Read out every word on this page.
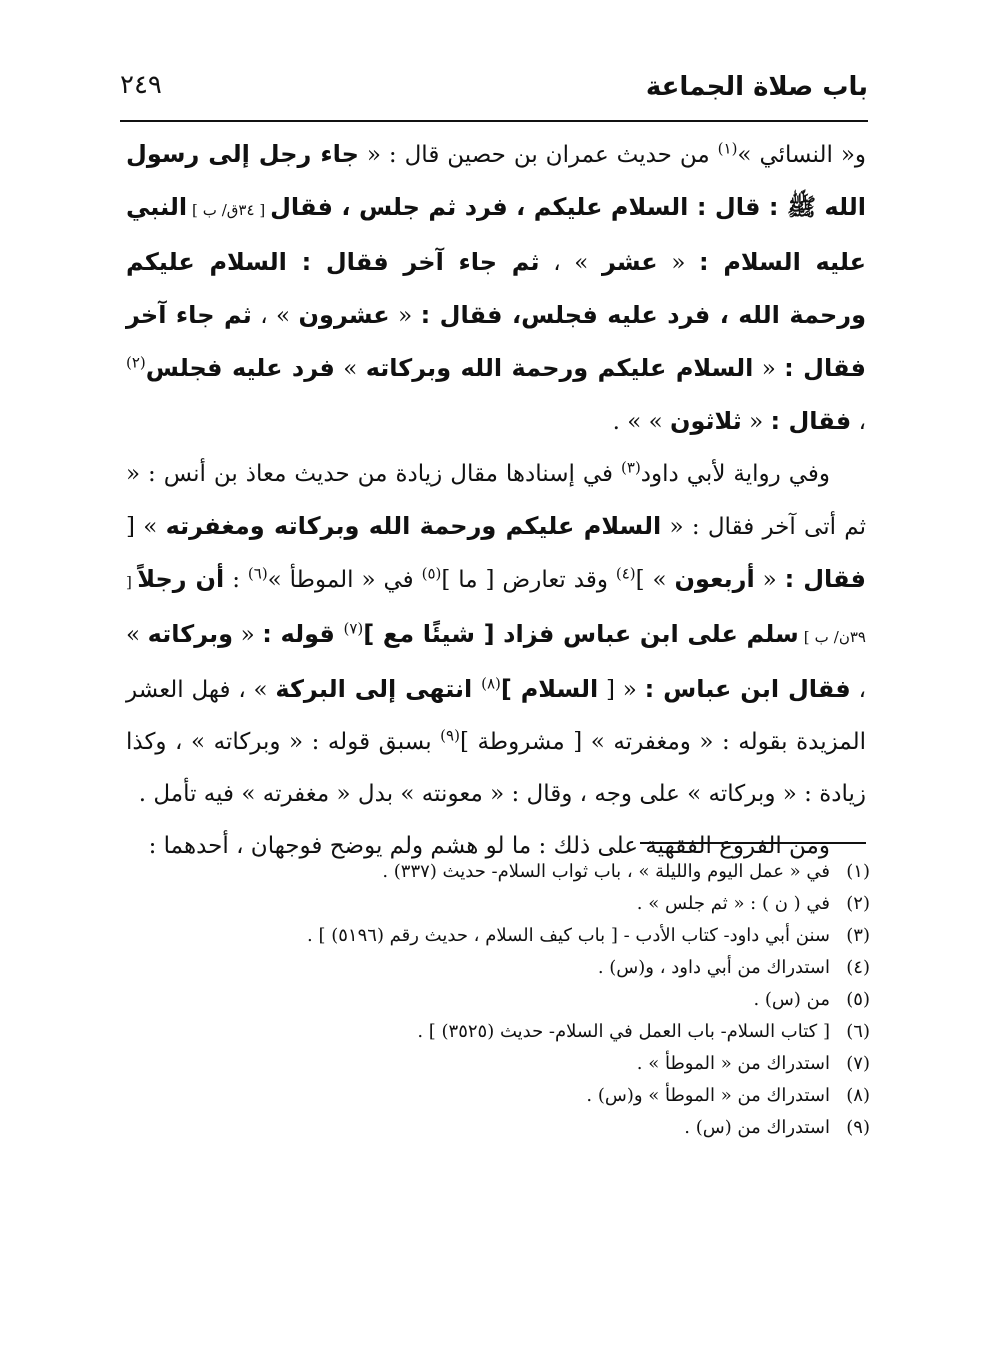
باب صلاة الجماعة
٢٤٩

و« النسائي »$^{(١)}$ من حديث عمران بن حصين قال : « جاء رجل إلى رسول الله ﷺ : قال : السلام عليكم ، فرد ثم جلس ، فقال [ ٣٤ق/ ب ] النبي عليه السلام : « عشر » ، ثم جاء آخر فقال : السلام عليكم ورحمة الله ، فرد عليه فجلس، فقال : « عشرون » ، ثم جاء آخر فقال : « السلام عليكم ورحمة الله وبركاته » فرد عليه فجلس$^{(٢)}$ ، فقال : « ثلاثون » » .

وفي رواية لأبي داود$^{(٣)}$ في إسنادها مقال زيادة من حديث معاذ بن أنس : « ثم أتى آخر فقال : « السلام عليكم ورحمة الله وبركاته ومغفرته » [ فقال : « أربعون » ]$^{(٤)}$ وقد تعارض [ ما ]$^{(٥)}$ في « الموطأ »$^{(٦)}$ : أن رجلاً [ ٣٩ن/ ب ] سلم على ابن عباس فزاد [ شيئًا مع ]$^{(٧)}$ قوله : « وبركاته » ، فقال ابن عباس : « [ السلام ]$^{(٨)}$ انتهى إلى البركة » ، فهل العشر المزيدة بقوله : « ومغفرته » [ مشروطة ]$^{(٩)}$ بسبق قوله : « وبركاته » ، وكذا زيادة : « وبركاته » على وجه ، وقال : « معونته » بدل « مغفرته » فيه تأمل .

ومن الفروع الفقهية على ذلك : ما لو هشم ولم يوضح فوجهان ، أحدهما :

(١)في « عمل اليوم والليلة » ، باب ثواب السلام- حديث (٣٣٧) .

(٢)في ( ن ) : « ثم جلس » .

(٣)سنن أبي داود- كتاب الأدب - [ باب كيف السلام ، حديث رقم (٥١٩٦) ] .

(٤)استدراك من أبي داود ، و(س) .

(٥)من (س) .

(٦)[ كتاب السلام- باب العمل في السلام- حديث (٣٥٢٥) ] .

(٧)استدراك من « الموطأ » .

(٨)استدراك من « الموطأ » و(س) .

(٩)استدراك من (س) .
